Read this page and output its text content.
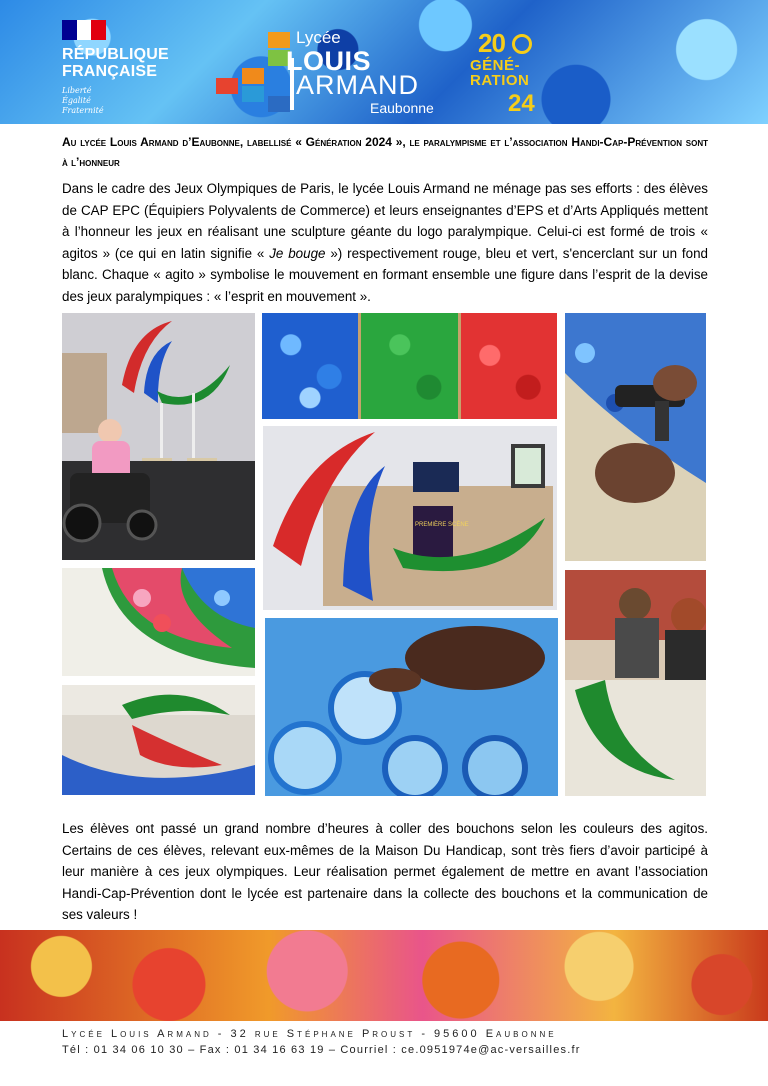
RÉPUBLIQUE
FRANÇAISE
Liberté
Égalité
Fraternité
Lycée
LOUIS
ARMAND
Eaubonne
20
GÉNÉ-
RATION
24
Au lycée Louis Armand d’Eaubonne, labellisé « Génération 2024 », le paralympisme et l’association Handi-Cap-Prévention sont à l’honneur
Dans le cadre des Jeux Olympiques de Paris, le lycée Louis Armand ne ménage pas ses efforts : des élèves de CAP EPC (Équipiers Polyvalents de Commerce) et leurs enseignantes d’EPS et d’Arts Appliqués mettent à l’honneur les jeux en réalisant une sculpture géante du logo paralympique. Celui-ci est formé de trois « agitos » (ce qui en latin signifie « Je bouge ») respectivement rouge, bleu et vert, s'encerclant sur un fond blanc. Chaque « agito » symbolise le mouvement en formant ensemble une figure dans l’esprit de la devise des jeux paralympiques : « l’esprit en mouvement ».
PREMIÈRE SCÈNE
Les élèves ont passé un grand nombre d’heures à coller des bouchons selon les couleurs des agitos. Certains de ces élèves, relevant eux-mêmes de la Maison Du Handicap, sont très fiers d’avoir participé à leur manière à ces jeux olympiques. Leur réalisation permet également de mettre en avant l’association Handi-Cap-Prévention dont le lycée est partenaire dans la collecte des bouchons et la communication de ses valeurs !
Lycée Louis Armand - 32 rue Stéphane Proust - 95600 Eaubonne
Tél : 01 34 06 10 30 – Fax : 01 34 16 63 19 – Courriel : ce.0951974e@ac-versailles.fr
